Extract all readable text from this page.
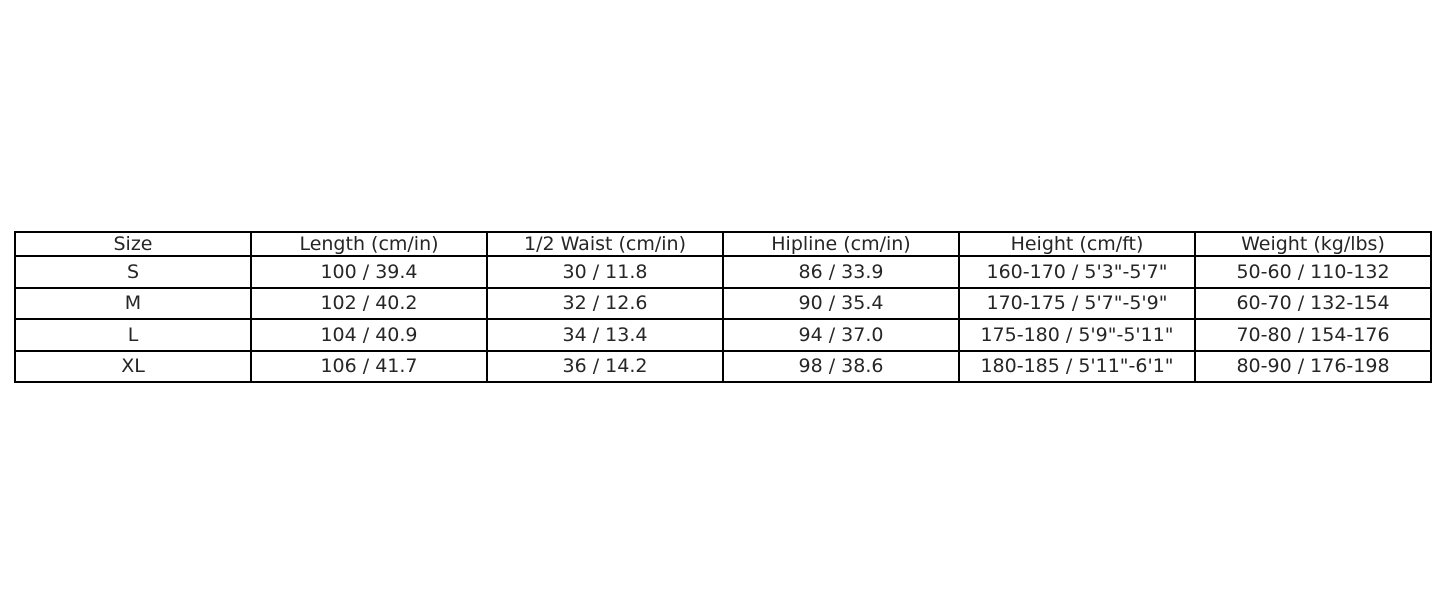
Size	Length (cm/in)	1/2 Waist (cm/in)	Hipline (cm/in)	Height (cm/ft)	Weight (kg/lbs)
S	100 / 39.4	30 / 11.8	86 / 33.9	160-170 / 5'3"-5'7"	50-60 / 110-132
M	102 / 40.2	32 / 12.6	90 / 35.4	170-175 / 5'7"-5'9"	60-70 / 132-154
L	104 / 40.9	34 / 13.4	94 / 37.0	175-180 / 5'9"-5'11"	70-80 / 154-176
XL	106 / 41.7	36 / 14.2	98 / 38.6	180-185 / 5'11"-6'1"	80-90 / 176-198
